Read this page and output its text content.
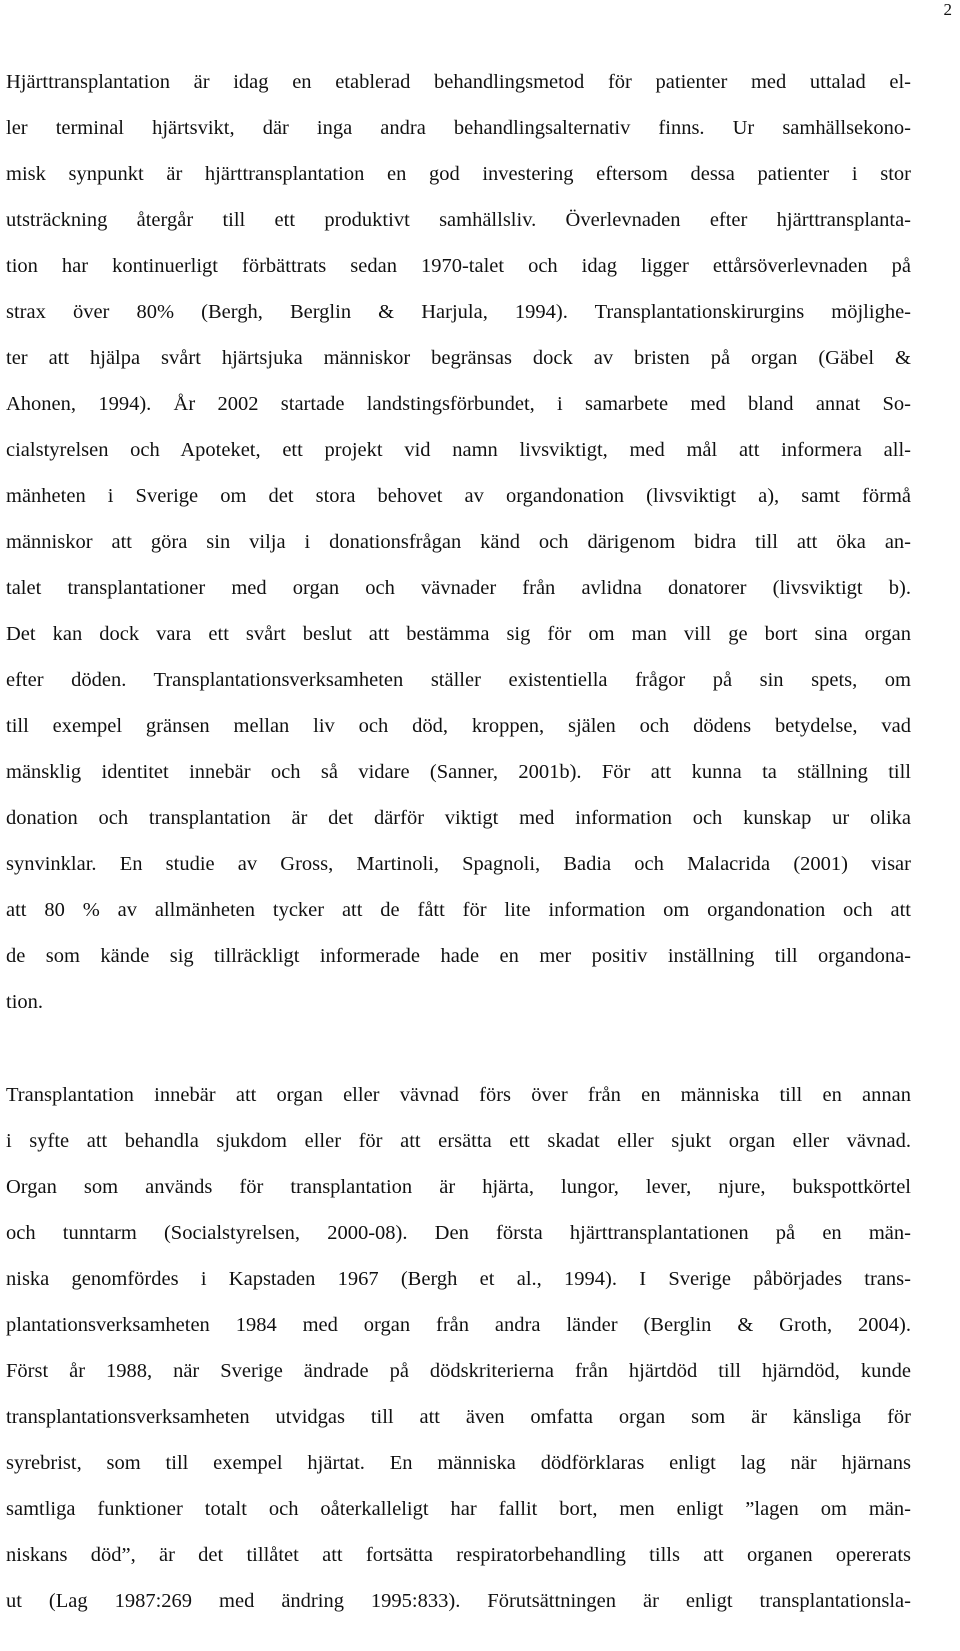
2
Hjärttransplantation är idag en etablerad behandlingsmetod för patienter med uttalad el-
ler terminal hjärtsvikt, där inga andra behandlingsalternativ finns. Ur samhällsekono-
misk synpunkt är hjärttransplantation en god investering eftersom dessa patienter i stor
utsträckning återgår till ett produktivt samhällsliv. Överlevnaden efter hjärttransplanta-
tion har kontinuerligt förbättrats sedan 1970-talet och idag ligger ettårsöverlevnaden på
strax över 80% (Bergh, Berglin & Harjula, 1994). Transplantationskirurgins möjlighe-
ter att hjälpa svårt hjärtsjuka människor begränsas dock av bristen på organ (Gäbel &
Ahonen, 1994). År 2002 startade landstingsförbundet, i samarbete med bland annat So-
cialstyrelsen och Apoteket, ett projekt vid namn livsviktigt, med mål att informera all-
mänheten i Sverige om det stora behovet av organdonation (livsviktigt a), samt förmå
människor att göra sin vilja i donationsfrågan känd och därigenom bidra till att öka an-
talet transplantationer med organ och vävnader från avlidna donatorer (livsviktigt b).
Det kan dock vara ett svårt beslut att bestämma sig för om man vill ge bort sina organ
efter döden. Transplantationsverksamheten ställer existentiella frågor på sin spets, om
till exempel gränsen mellan liv och död, kroppen, själen och dödens betydelse, vad
mänsklig identitet innebär och så vidare (Sanner, 2001b). För att kunna ta ställning till
donation och transplantation är det därför viktigt med information och kunskap ur olika
synvinklar. En studie av Gross, Martinoli, Spagnoli, Badia och Malacrida (2001) visar
att 80 % av allmänheten tycker att de fått för lite information om organdonation och att
de som kände sig tillräckligt informerade hade en mer positiv inställning till organdona-
tion.
Transplantation innebär att organ eller vävnad förs över från en människa till en annan
i syfte att behandla sjukdom eller för att ersätta ett skadat eller sjukt organ eller vävnad.
Organ som används för transplantation är hjärta, lungor, lever, njure, bukspottkörtel
och tunntarm (Socialstyrelsen, 2000-08). Den första hjärttransplantationen på en män-
niska genomfördes i Kapstaden 1967 (Bergh et al., 1994). I Sverige påbörjades trans-
plantationsverksamheten 1984 med organ från andra länder (Berglin & Groth, 2004).
Först år 1988, när Sverige ändrade på dödskriterierna från hjärtdöd till hjärndöd, kunde
transplantationsverksamheten utvidgas till att även omfatta organ som är känsliga för
syrebrist, som till exempel hjärtat. En människa dödförklaras enligt lag när hjärnans
samtliga funktioner totalt och oåterkalleligt har fallit bort, men enligt ”lagen om män-
niskans död”, är det tillåtet att fortsätta respiratorbehandling tills att organen opererats
ut (Lag 1987:269 med ändring 1995:833). Förutsättningen är enligt transplantationsla-
